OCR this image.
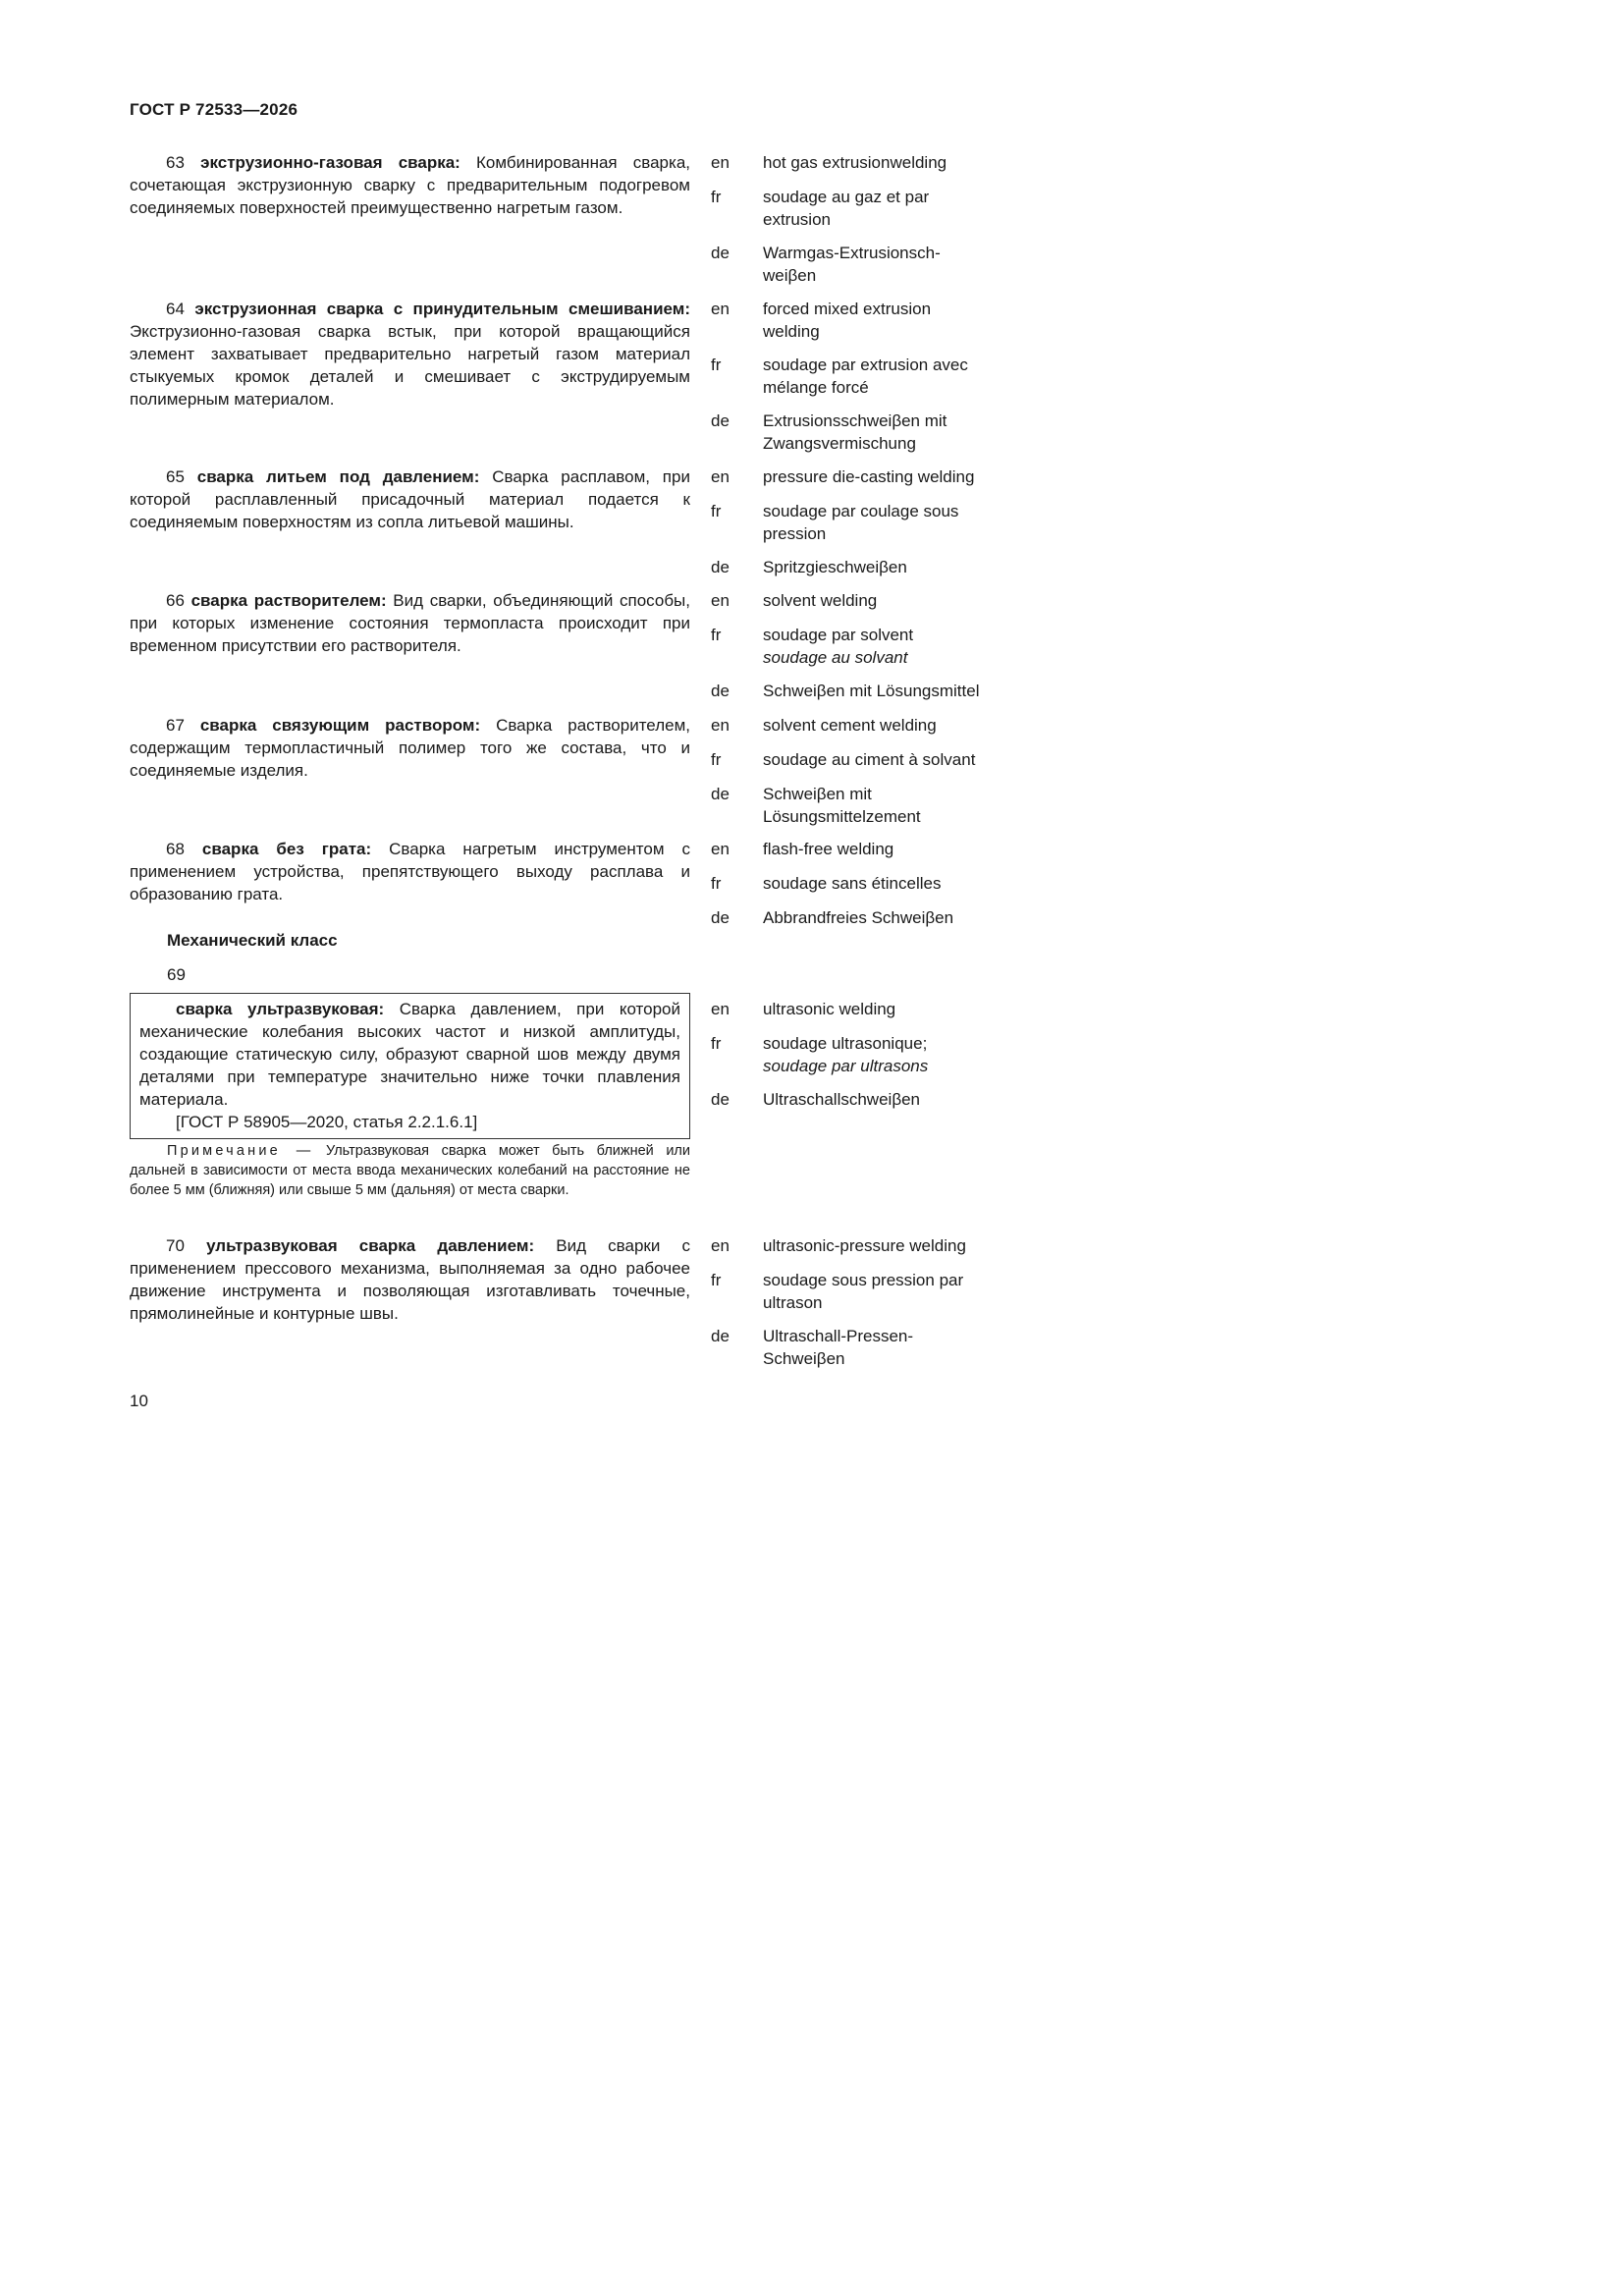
ГОСТ Р 72533—2026
63 экструзионно-газовая сварка: Комбинированная сварка, сочетающая экструзионную сварку с предварительным подогревом соединяемых поверхностей преимущественно нагретым газом.
en	hot gas extrusionwelding
fr	soudage au gaz et par extrusion
de	Warmgas-Extrusionsch-weiβen
64 экструзионная сварка с принудительным смешиванием: Экструзионно-газовая сварка встык, при которой вращающийся элемент захватывает предварительно нагретый газом материал стыкуемых кромок деталей и смешивает с экструдируемым полимерным материалом.
en	forced mixed extrusion welding
fr	soudage par extrusion avec mélange forcé
de	Extrusionsschweiβen mit Zwangsvermischung
65 сварка литьем под давлением: Сварка расплавом, при которой расплавленный присадочный материал подается к соединяемым поверхностям из сопла литьевой машины.
en	pressure die-casting welding
fr	soudage par coulage sous pression
de	Spritzgieschweiβen
66 сварка растворителем: Вид сварки, объединяющий способы, при которых изменение состояния термопласта происходит при временном присутствии его растворителя.
en	solvent welding
fr	soudage par solvent
soudage au solvant
de	Schweiβen mit Lösungsmittel
67 сварка связующим раствором: Сварка растворителем, содержащим термопластичный полимер того же состава, что и соединяемые изделия.
en	solvent cement welding
fr	soudage au ciment à solvant
de	Schweiβen mit Lösungsmittelzement
68 сварка без грата: Сварка нагретым инструментом с применением устройства, препятствующего выходу расплава и образованию грата.
en	flash-free welding
fr	soudage sans étincelles
de	Abbrandfreies Schweiβen
Механический класс
69
сварка ультразвуковая: Сварка давлением, при которой механические колебания высоких частот и низкой амплитуды, создающие статическую силу, образуют сварной шов между двумя деталями при температуре значительно ниже точки плавления материала.
[ГОСТ Р 58905—2020, статья 2.2.1.6.1]
en	ultrasonic welding
fr	soudage ultrasonique;
soudage par ultrasons
de	Ultraschallschweiβen
Примечание — Ультразвуковая сварка может быть ближней или дальней в зависимости от места ввода механических колебаний на расстояние не более 5 мм (ближняя) или свыше 5 мм (дальняя) от места сварки.
70 ультразвуковая сварка давлением: Вид сварки с применением прессового механизма, выполняемая за одно рабочее движение инструмента и позволяющая изготавливать точечные, прямолинейные и контурные швы.
en	ultrasonic-pressure welding
fr	soudage sous pression par ultrason
de	Ultraschall-Pressen-Schweiβen
10
